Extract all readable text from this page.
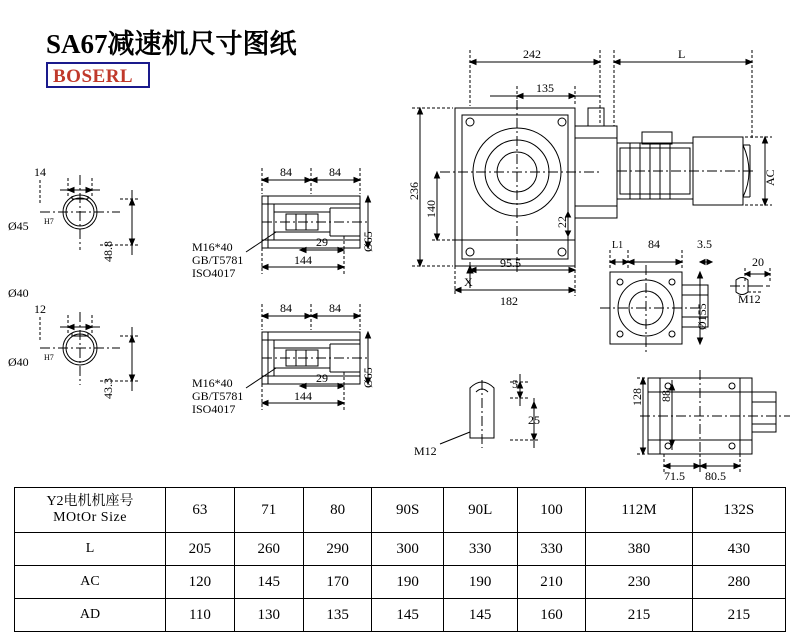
SA67减速机尺寸图纸
BOSERL
14
Ø45 H7
48.8
Ø40
12
Ø40 H7
43.3
84	84
29
144
Ø65
M16*40
GB/T5781
ISO4017
84	84
29
144
Ø65
M16*40
GB/T5781
ISO4017
242	L
135
236
140
22
AC
95.5
182
X
L1 84	3.5
Ø155
20
M12
128 88
71.5 80.5
5
25
M12
Y2电机机座号
MOtOr Size	63	71	80	90S	90L	100	112M	132S
L	205	260	290	300	330	330	380	430
AC	120	145	170	190	190	210	230	280
AD	110	130	135	145	145	160	215	215
